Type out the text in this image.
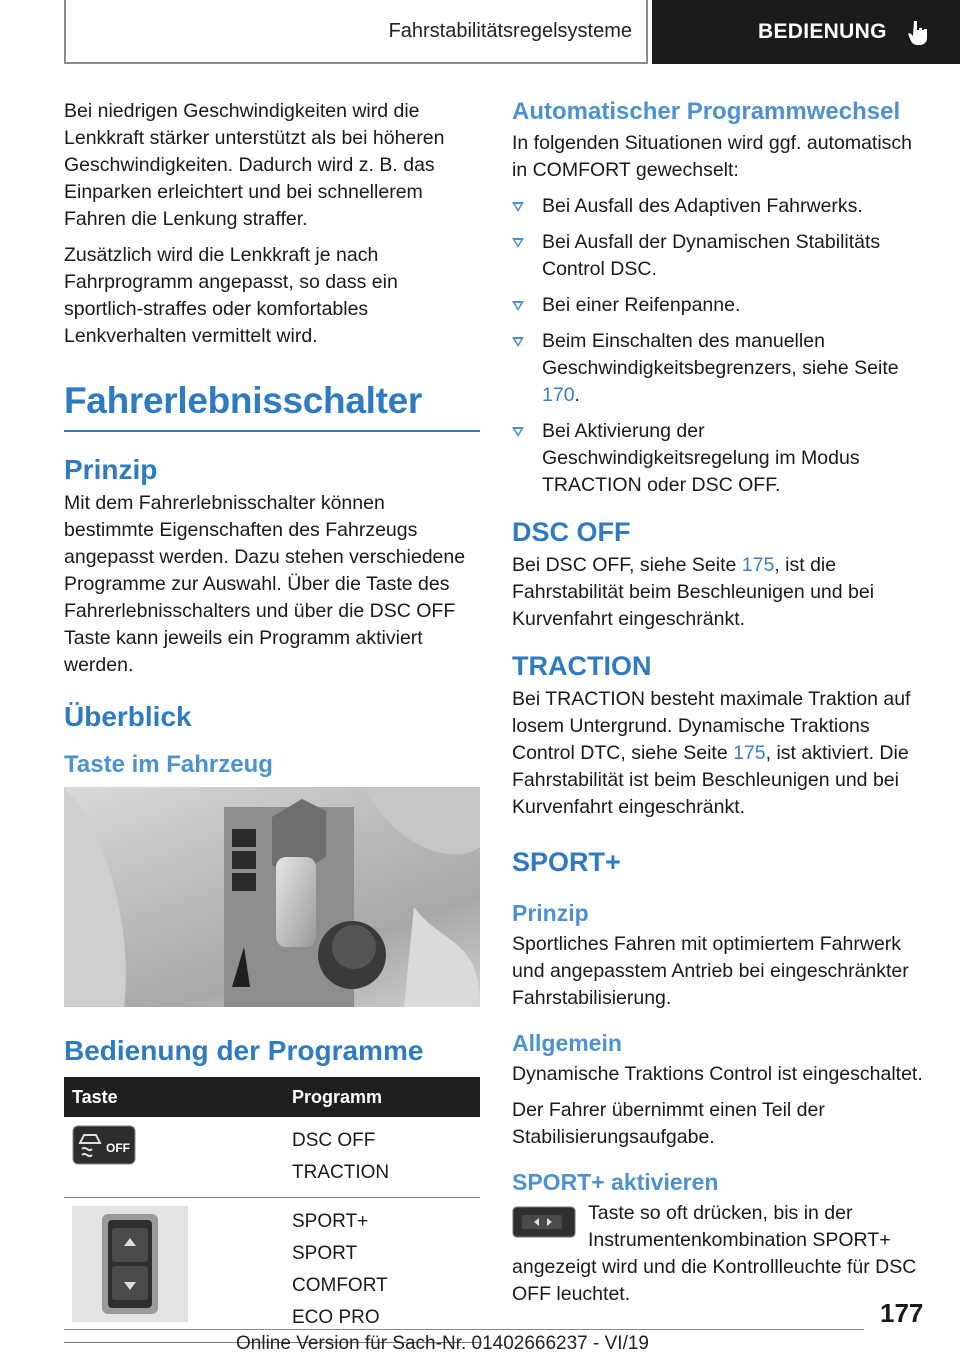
Fahrstabilitätsregelsysteme	BEDIENUNG

Bei niedrigen Geschwindigkeiten wird die Lenkkraft stärker unterstützt als bei höheren Geschwindigkeiten. Dadurch wird z. B. das Einparken erleichtert und bei schnellerem Fahren die Lenkung straffer.

Zusätzlich wird die Lenkkraft je nach Fahrprogramm angepasst, so dass ein sportlich-straffes oder komfortables Lenkverhalten vermittelt wird.

Fahrerlebnisschalter
Prinzip

Mit dem Fahrerlebnisschalter können bestimmte Eigenschaften des Fahrzeugs angepasst werden. Dazu stehen verschiedene Programme zur Auswahl. Über die Taste des Fahrerlebnisschalters und über die DSC OFF Taste kann jeweils ein Programm aktiviert werden.

Überblick
Taste im Fahrzeug
Bedienung der Programme
Taste	Programm

OFF	DSC OFF
TRACTION

SPORT+
SPORT
COMFORT
ECO PRO
Automatischer Programmwechsel

In folgenden Situationen wird ggf. automatisch in COMFORT gewechselt:

Bei Ausfall des Adaptiven Fahrwerks.
Bei Ausfall der Dynamischen Stabilitäts Control DSC.
Bei einer Reifenpanne.
Beim Einschalten des manuellen Geschwindigkeitsbegrenzers, siehe Seite 170.
Bei Aktivierung der Geschwindigkeitsregelung im Modus TRACTION oder DSC OFF.
DSC OFF

Bei DSC OFF, siehe Seite 175, ist die Fahrstabilität beim Beschleunigen und bei Kurvenfahrt eingeschränkt.

TRACTION

Bei TRACTION besteht maximale Traktion auf losem Untergrund. Dynamische Traktions Control DTC, siehe Seite 175, ist aktiviert. Die Fahrstabilität ist beim Beschleunigen und bei Kurvenfahrt eingeschränkt.

SPORT+
Prinzip

Sportliches Fahren mit optimiertem Fahrwerk und angepasstem Antrieb bei eingeschränkter Fahrstabilisierung.

Allgemein

Dynamische Traktions Control ist eingeschaltet.

Der Fahrer übernimmt einen Teil der Stabilisierungsaufgabe.

SPORT+ aktivieren

Taste so oft drücken, bis in der Instrumentenkombination SPORT+ angezeigt wird und die Kontrollleuchte für DSC OFF leuchtet.

177
Online Version für Sach-Nr. 01402666237 - VI/19
